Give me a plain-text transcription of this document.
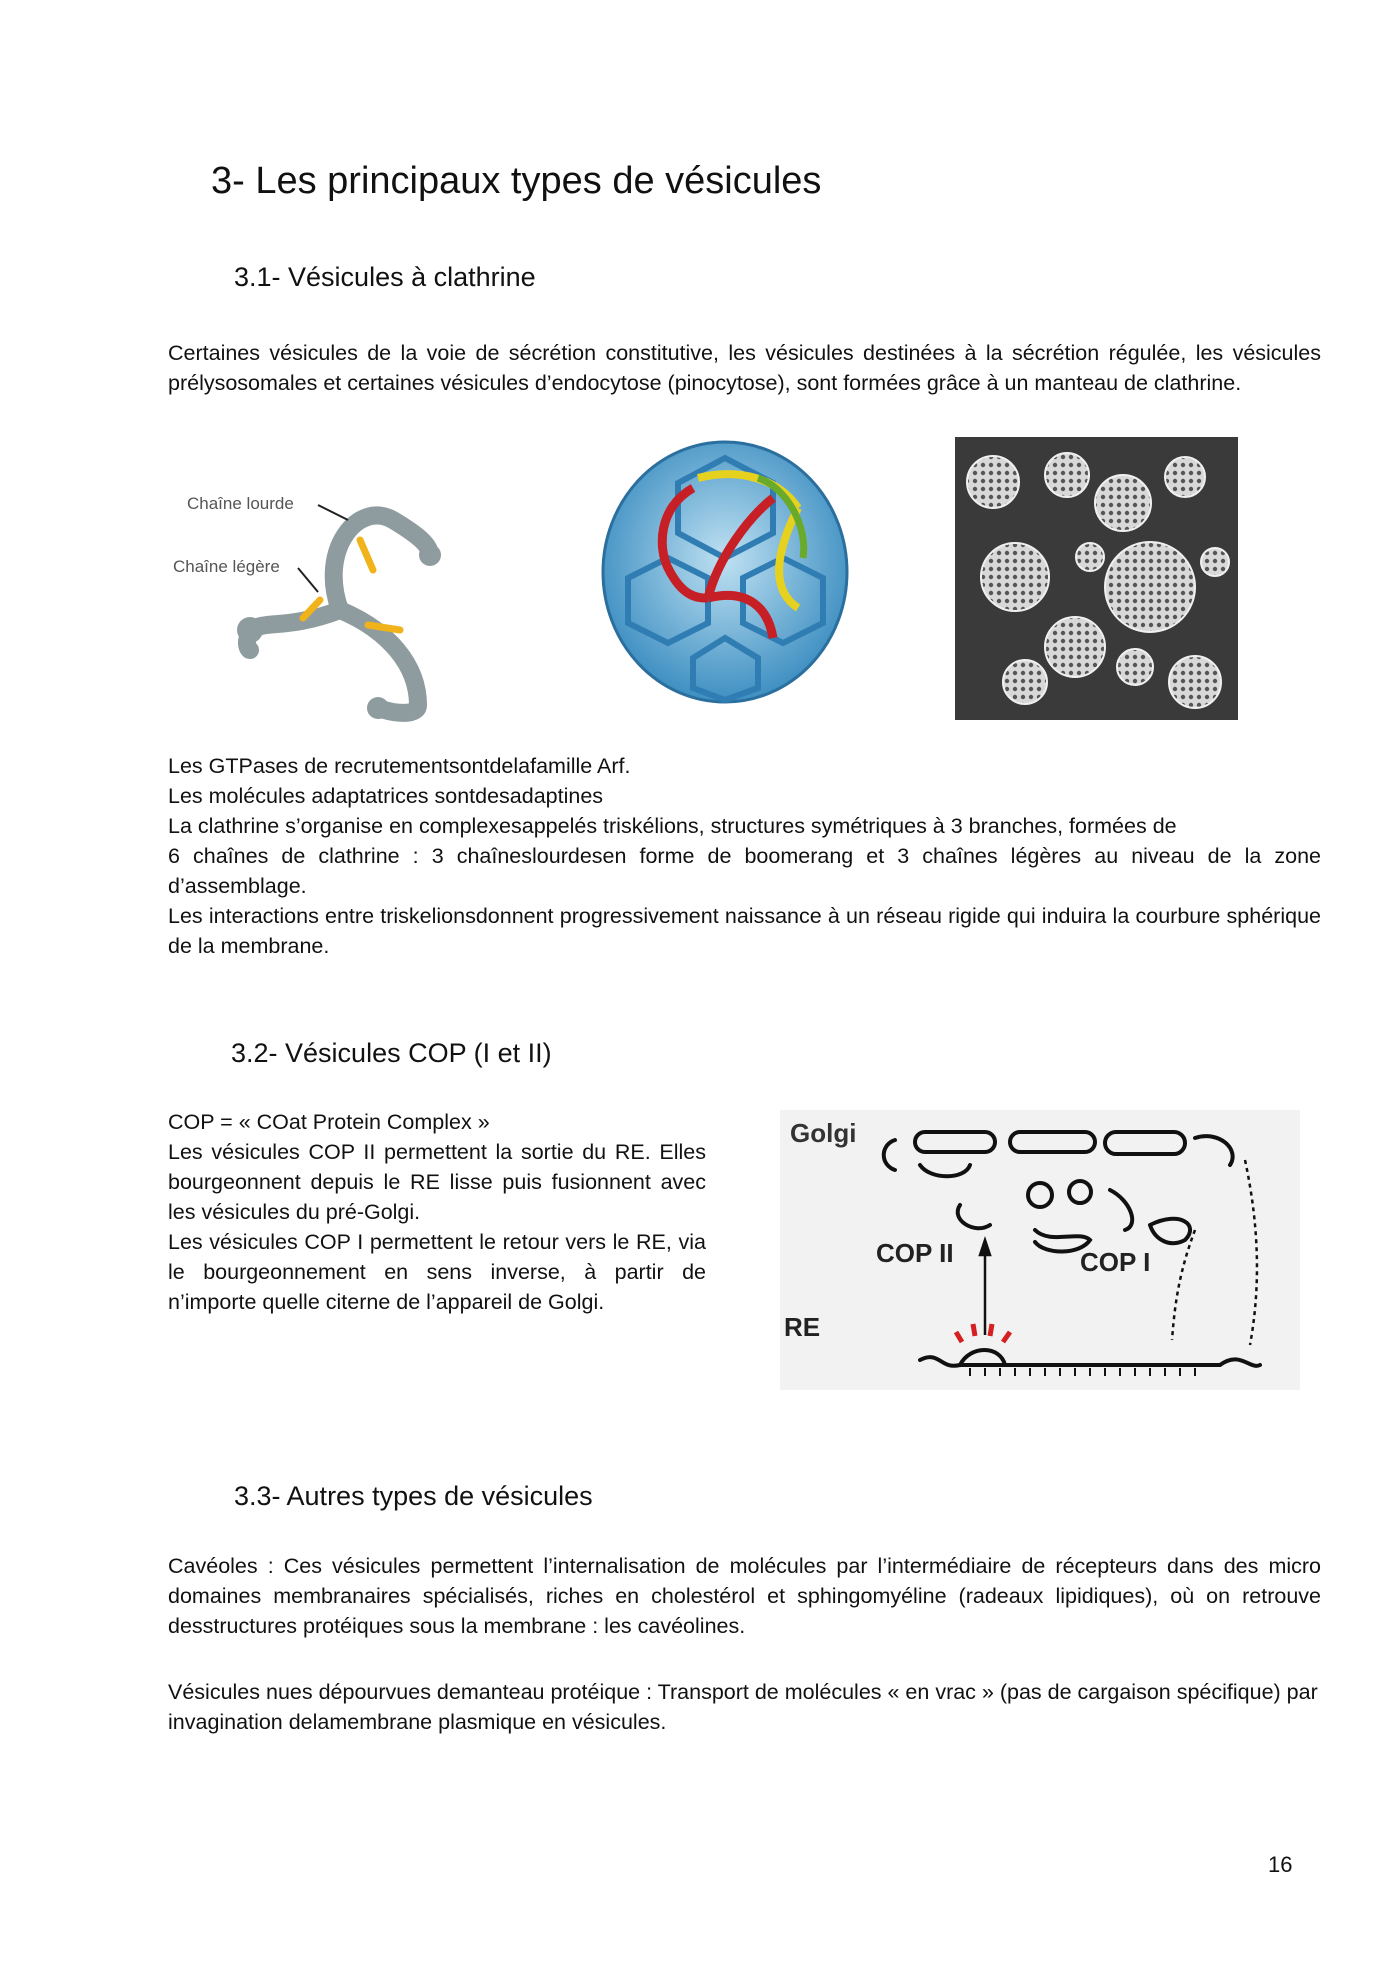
3- Les principaux types de vésicules
3.1- Vésicules à clathrine

Certaines vésicules de la voie de sécrétion constitutive, les vésicules destinées à la sécrétion régulée, les vésicules prélysosomales et certaines vésicules d’endocytose (pinocytose), sont formées grâce à un manteau de clathrine.

Chaîne lourde
Chaîne légère
Les GTPases de recrutementsontdelafamille Arf.
Les molécules adaptatrices sontdesadaptines
La clathrine s’organise en complexesappelés triskélions, structures symétriques à 3 branches, formées de

6 chaînes de clathrine : 3 chaîneslourdesen forme de boomerang et 3 chaînes légères au niveau de la zone d’assemblage.

Les interactions entre triskelionsdonnent progressivement naissance à un réseau rigide qui induira la courbure sphérique de la membrane.

3.2- Vésicules COP (I et II)

COP = « COat Protein Complex »

Les vésicules COP II permettent la sortie du RE. Elles bourgeonnent depuis le RE lisse puis fusionnent avec les vésicules du pré-Golgi.

Les vésicules COP I permettent le retour vers le RE, via le bourgeonnement en sens inverse, à partir de n’importe quelle citerne de l’appareil de Golgi.

Golgi
COP II	COP I
RE
3.3- Autres types de vésicules

Cavéoles : Ces vésicules permettent l’internalisation de molécules par l’intermédiaire de récepteurs dans des micro domaines membranaires spécialisés, riches en cholestérol et sphingomyéline (radeaux lipidiques), où on retrouve desstructures protéiques sous la membrane : les cavéolines.

Vésicules nues dépourvues demanteau protéique : Transport de molécules « en vrac » (pas de cargaison spécifique) par invagination delamembrane plasmique en vésicules.

16
